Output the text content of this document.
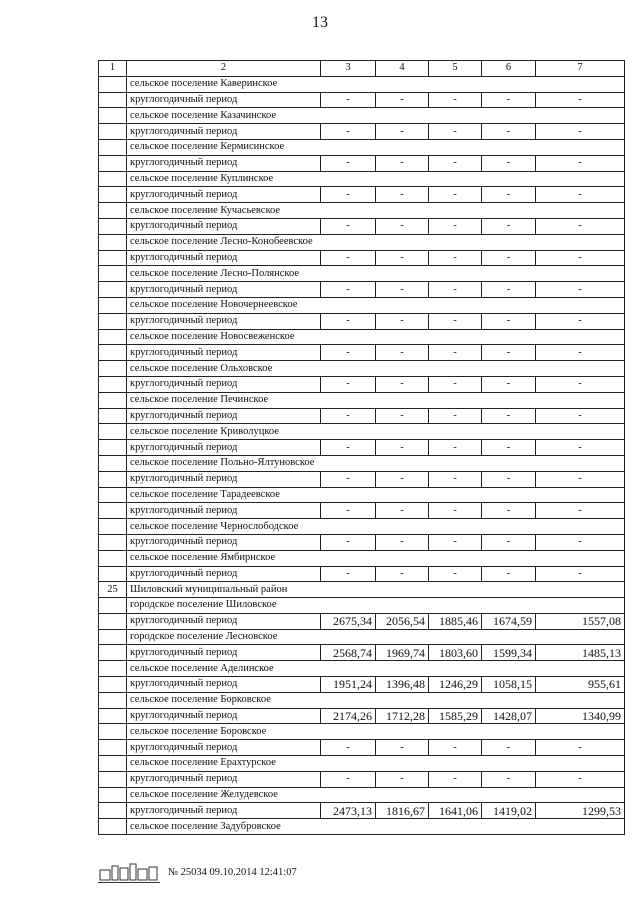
13
1	2	3	4	5	6	7
	сельское поселение Каверинское					
	круглогодичный период	-	-	-	-	-
	сельское поселение Казачинское					
	круглогодичный период	-	-	-	-	-
	сельское поселение Кермисинское					
	круглогодичный период	-	-	-	-	-
	сельское поселение Куплинское					
	круглогодичный период	-	-	-	-	-
	сельское поселение Кучасьевское					
	круглогодичный период	-	-	-	-	-
	сельское поселение Лесно-Конобеевское					
	круглогодичный период	-	-	-	-	-
	сельское поселение Лесно-Полянское					
	круглогодичный период	-	-	-	-	-
	сельское поселение Новочернеевское					
	круглогодичный период	-	-	-	-	-
	сельское поселение Новосвеженское					
	круглогодичный период	-	-	-	-	-
	сельское поселение Ольховское					
	круглогодичный период	-	-	-	-	-
	сельское поселение Печинское					
	круглогодичный период	-	-	-	-	-
	сельское поселение Криволуцкое					
	круглогодичный период	-	-	-	-	-
	сельское поселение Польно-Ялтуновское					
	круглогодичный период	-	-	-	-	-
	сельское поселение Тарадеевское					
	круглогодичный период	-	-	-	-	-
	сельское поселение Чернослободское					
	круглогодичный период	-	-	-	-	-
	сельское поселение Ямбирнское					
	круглогодичный период	-	-	-	-	-
25	Шиловский муниципальный район					
	городское поселение Шиловское					
	круглогодичный период	2675,34	2056,54	1885,46	1674,59	1557,08
	городское поселение Лесновское					
	круглогодичный период	2568,74	1969,74	1803,60	1599,34	1485,13
	сельское поселение Аделинское					
	круглогодичный период	1951,24	1396,48	1246,29	1058,15	955,61
	сельское поселение Борковское					
	круглогодичный период	2174,26	1712,28	1585,29	1428,07	1340,99
	сельское поселение Боровское					
	круглогодичный период	-	-	-	-	-
	сельское поселение Ерахтурское					
	круглогодичный период	-	-	-	-	-
	сельское поселение Желудевское					
	круглогодичный период	2473,13	1816,67	1641,06	1419,02	1299,53
	сельское поселение Задубровское					
№ 25034 09.10.2014 12:41:07
